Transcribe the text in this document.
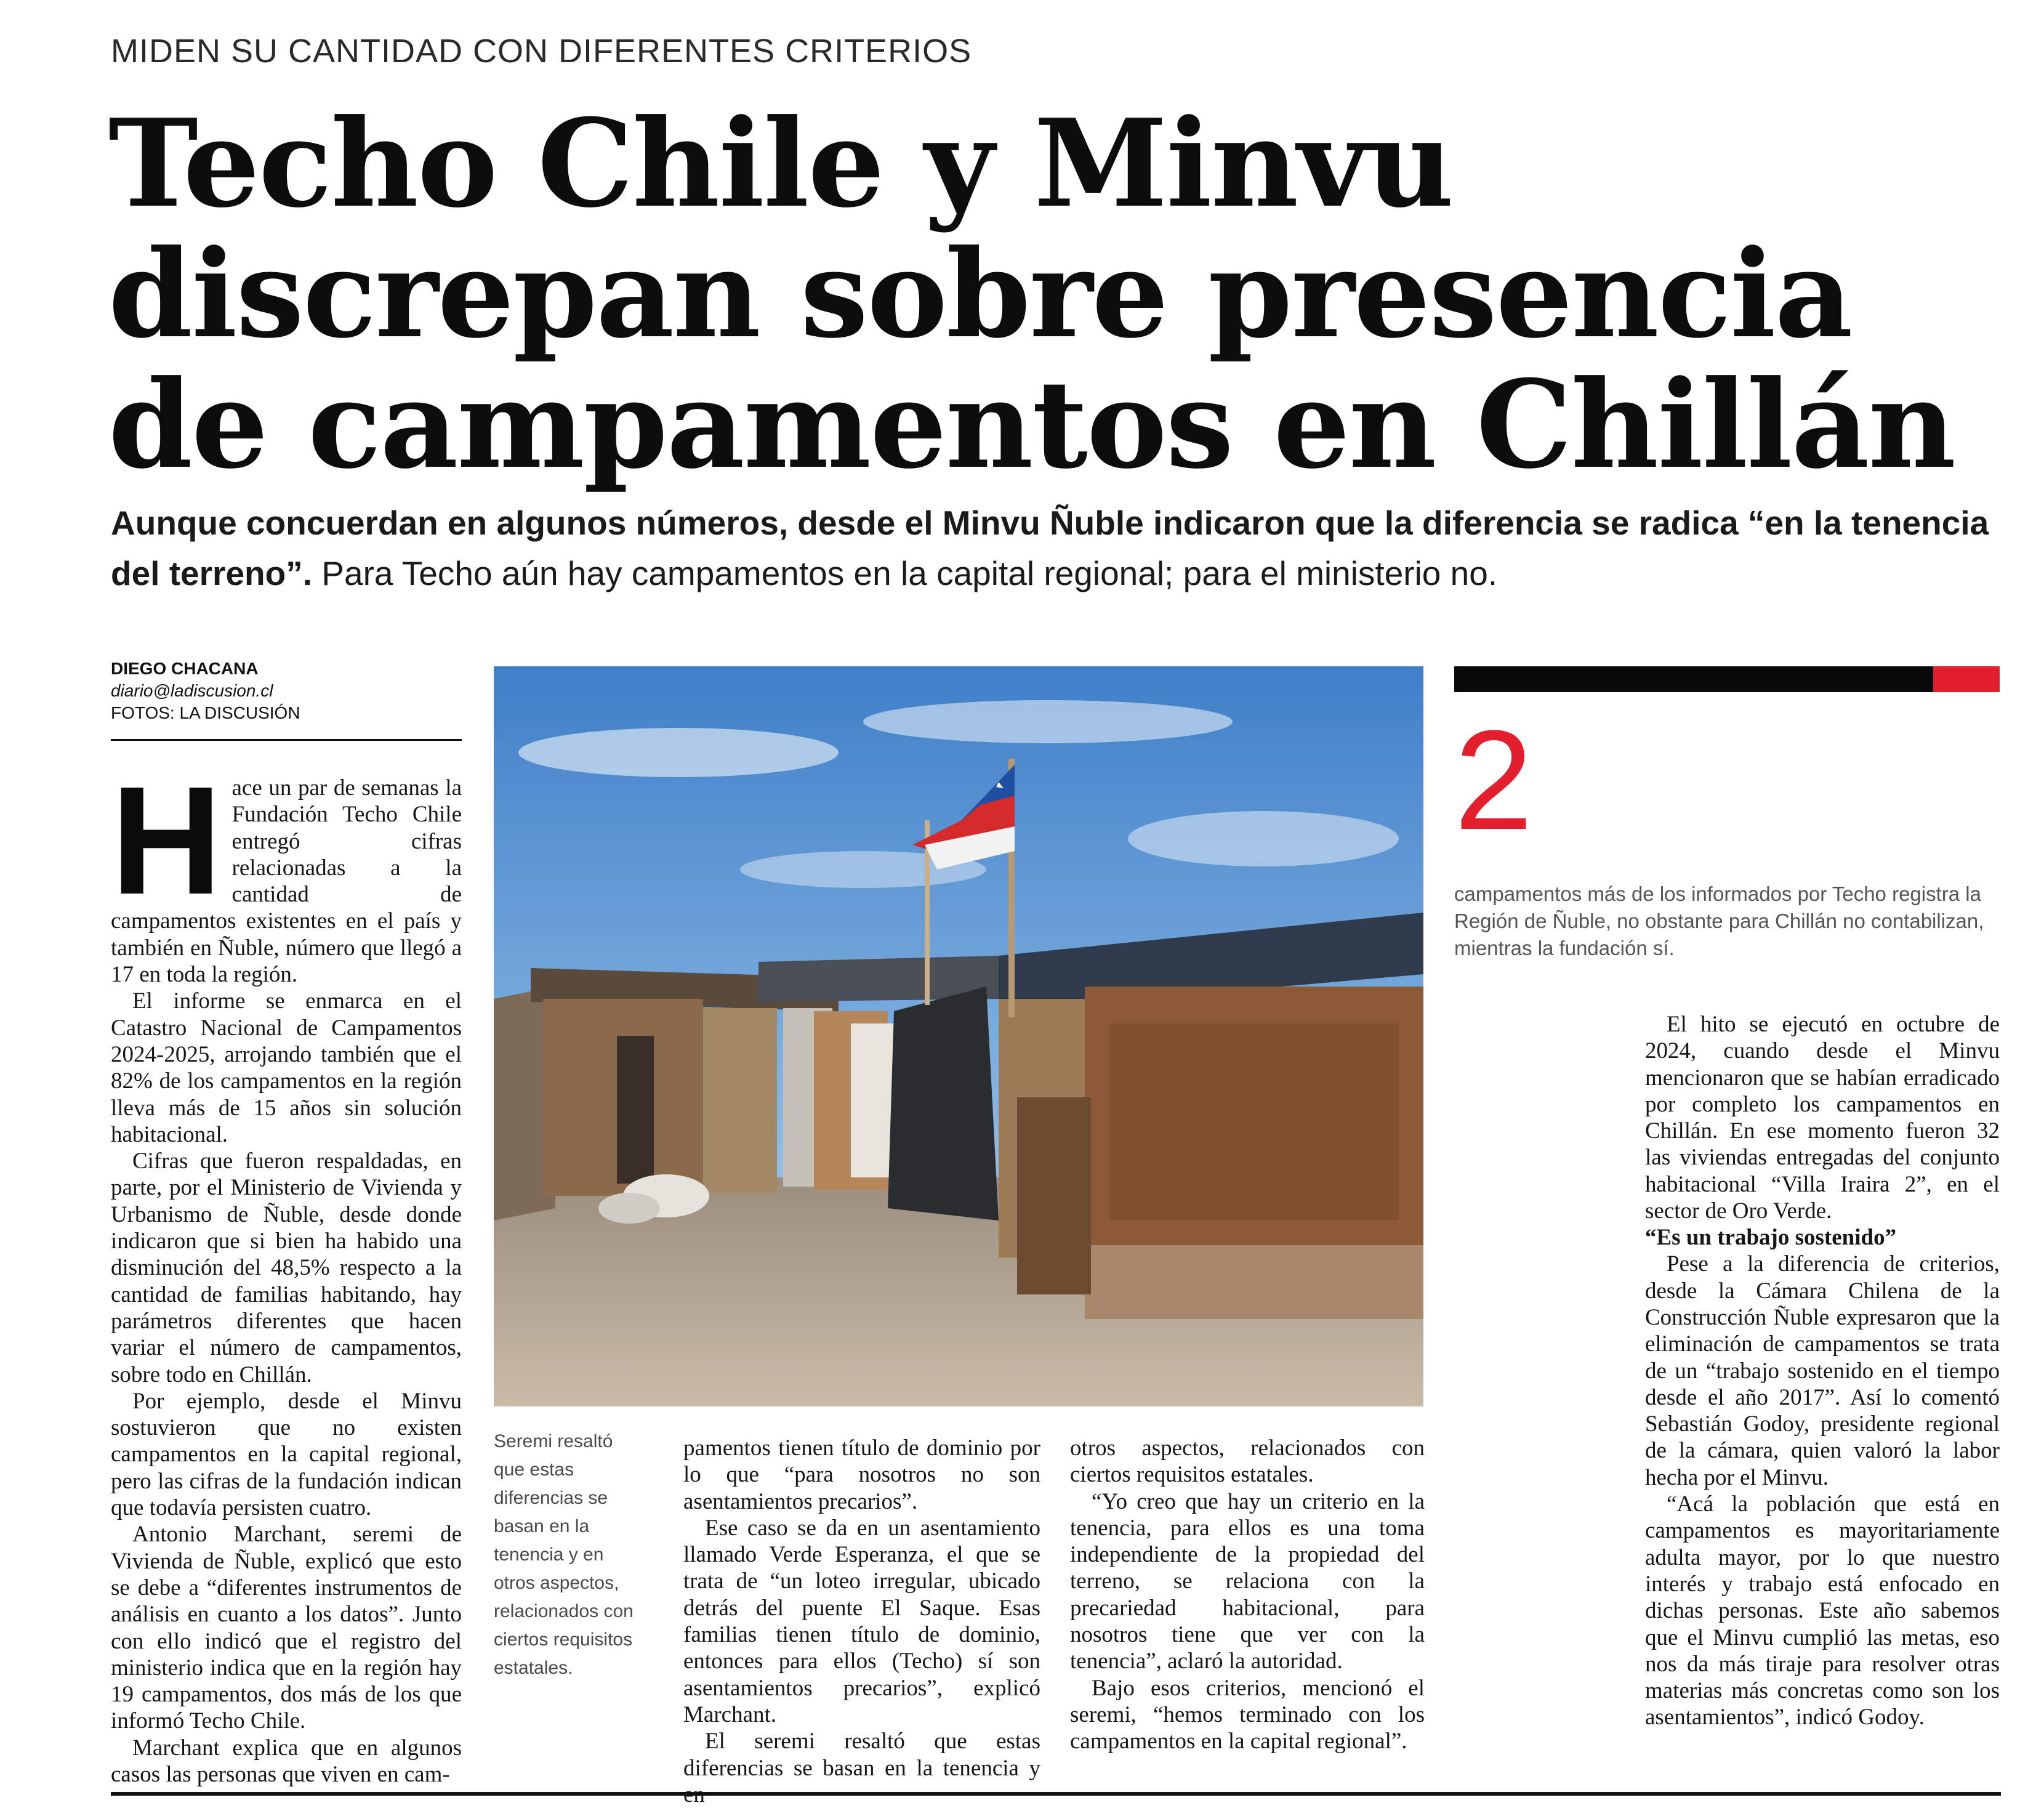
MIDEN SU CANTIDAD CON DIFERENTES CRITERIOS
Techo Chile y Minvu
discrepan sobre presencia
de campamentos en Chillán
Aunque concuerdan en algunos números, desde el Minvu Ñuble indicaron que la diferencia se radica “en la tenencia del terreno”. Para Techo aún hay campamentos en la capital regional; para el ministerio no.
DIEGO CHACANA
diario@ladiscusion.cl
FOTOS: LA DISCUSIÓN

Hace un par de semanas la Fundación Techo Chile entregó cifras relacionadas a la cantidad de campamentos existentes en el país y también en Ñuble, número que llegó a 17 en toda la región.

El informe se enmarca en el Catastro Nacional de Campamentos 2024-2025, arrojando también que el 82% de los campamentos en la región lleva más de 15 años sin solución habitacional.

Cifras que fueron respaldadas, en parte, por el Ministerio de Vivienda y Urbanismo de Ñuble, desde donde indicaron que si bien ha habido una disminución del 48,5% respecto a la cantidad de familias habitando, hay parámetros diferentes que hacen variar el número de campamentos, sobre todo en Chillán.

Por ejemplo, desde el Minvu sostuvieron que no existen campamentos en la capital regional, pero las cifras de la fundación indican que todavía persisten cuatro.

Antonio Marchant, seremi de Vivienda de Ñuble, explicó que esto se debe a “diferentes instrumentos de análisis en cuanto a los datos”. Junto con ello indicó que el registro del ministerio indica que en la región hay 19 campamentos, dos más de los que informó Techo Chile.

Marchant explica que en algunos casos las personas que viven en cam-

Seremi resaltó que estas diferencias se basan en la tenencia y en otros aspectos, relacionados con ciertos requisitos estatales.

pamentos tienen título de dominio por lo que “para nosotros no son asentamientos precarios”.

Ese caso se da en un asentamiento llamado Verde Esperanza, el que se trata de “un loteo irregular, ubicado detrás del puente El Saque. Esas familias tienen título de dominio, entonces para ellos (Techo) sí son asentamientos precarios”, explicó Marchant.

El seremi resaltó que estas diferencias se basan en la tenencia y

otros aspectos, relacionados con ciertos requisitos estatales.

“Yo creo que hay un criterio en la tenencia, para ellos es una toma independiente de la propiedad del terreno, se relaciona con la precariedad habitacional, para nosotros tiene que ver con la tenencia”, aclaró la autoridad.

Bajo esos criterios, mencionó el seremi, “hemos terminado con los campamentos en la capital regional”.

2
campamentos más de los informados por Techo registra la Región de Ñuble, no obstante para Chillán no contabilizan, mientras la fundación sí.

El hito se ejecutó en octubre de 2024, cuando desde el Minvu mencionaron que se habían erradicado por completo los campamentos en Chillán. En ese momento fueron 32 las viviendas entregadas del conjunto habitacional “Villa Iraira 2”, en el sector de Oro Verde.

“Es un trabajo sostenido”

Pese a la diferencia de criterios, desde la Cámara Chilena de la Construcción Ñuble expresaron que la eliminación de campamentos se trata de un “trabajo sostenido en el tiempo desde el año 2017”. Así lo comentó Sebastián Godoy, presidente regional de la cámara, quien valoró la labor hecha por el Minvu.

“Acá la población que está en campamentos es mayoritariamente adulta mayor, por lo que nuestro interés y trabajo está enfocado en dichas personas. Este año sabemos que el Minvu cumplió las metas, eso nos da más tiraje para resolver otras materias más concretas como son los asentamientos”, indicó Godoy.
